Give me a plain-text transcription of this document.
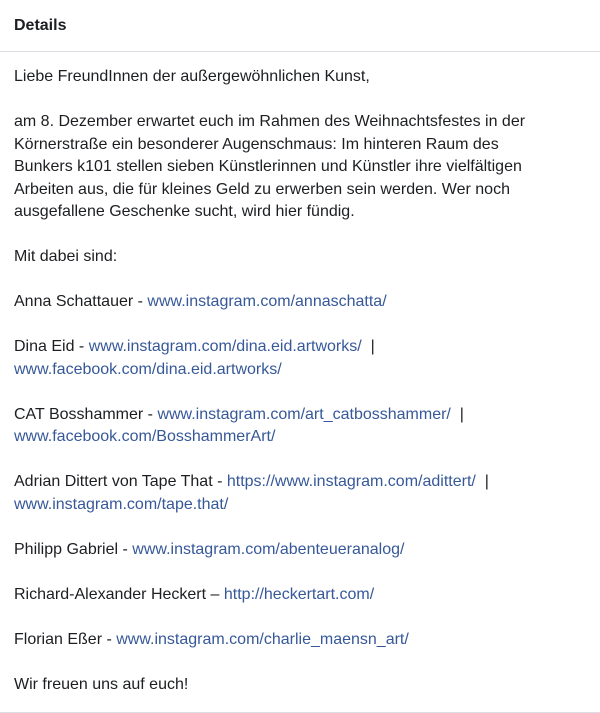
Details

Liebe FreundInnen der außergewöhnlichen Kunst,

am 8. Dezember erwartet euch im Rahmen des Weihnachtsfestes in der

Körnerstraße ein besonderer Augenschmaus: Im hinteren Raum des

Bunkers k101 stellen sieben Künstlerinnen und Künstler ihre vielfältigen

Arbeiten aus, die für kleines Geld zu erwerben sein werden. Wer noch

ausgefallene Geschenke sucht, wird hier fündig.

Mit dabei sind:

Anna Schattauer - www.instagram.com/annaschatta/

Dina Eid - www.instagram.com/dina.eid.artworks/  |

www.facebook.com/dina.eid.artworks/

CAT Bosshammer - www.instagram.com/art_catbosshammer/  |

www.facebook.com/BosshammerArt/

Adrian Dittert von Tape That - https://www.instagram.com/adittert/  |

www.instagram.com/tape.that/

Philipp Gabriel - www.instagram.com/abenteueranalog/

Richard-Alexander Heckert – http://heckertart.com/

Florian Eßer - www.instagram.com/charlie_maensn_art/

Wir freuen uns auf euch!
